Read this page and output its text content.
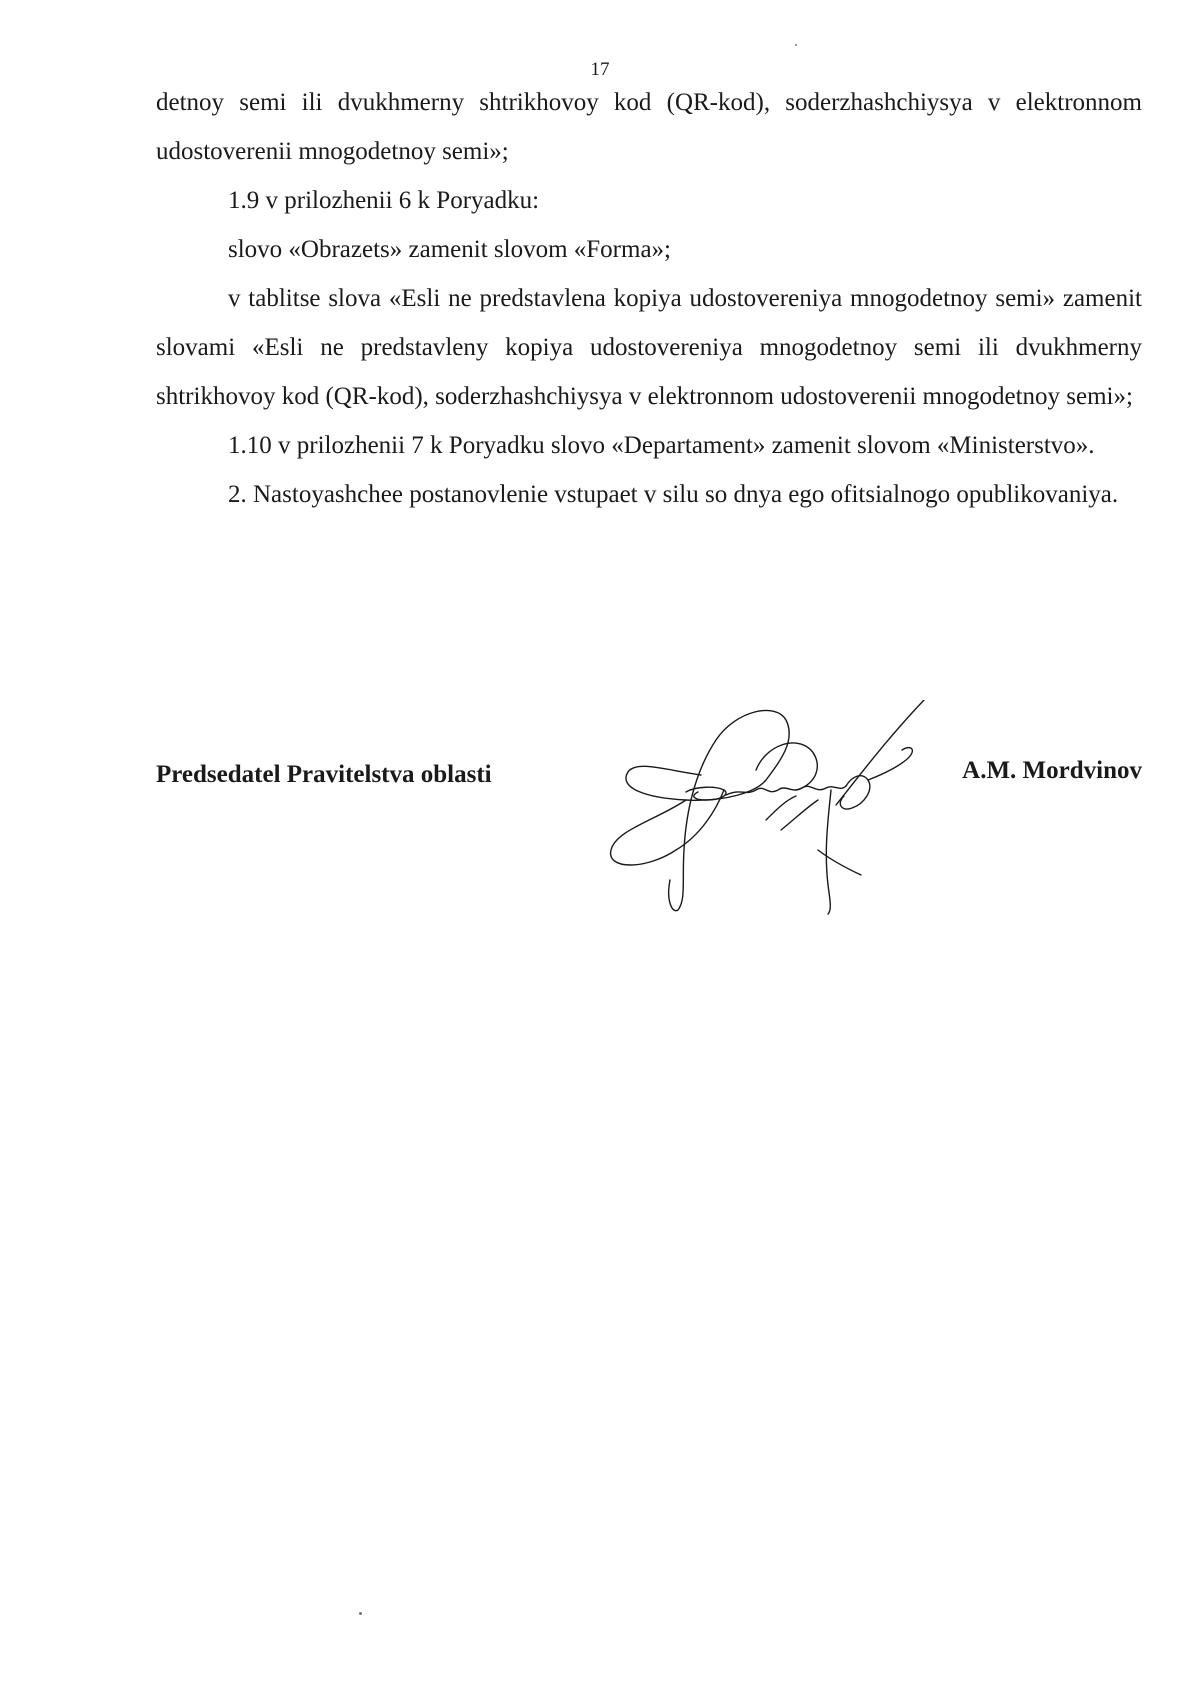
17

detnoy semi ili dvukhmerny shtrikhovoy kod (QR-kod), soderzhashchiysya v elektronnom udostoverenii mnogodetnoy semi»;

1.9 v prilozhenii 6 k Poryadku:

slovo «Obrazets» zamenit slovom «Forma»;

v tablitse slova «Esli ne predstavlena kopiya udostovereniya mnogodetnoy semi» zamenit slovami «Esli ne predstavleny kopiya udostovereniya mnogodetnoy semi ili dvukhmerny shtrikhovoy kod (QR-kod), soderzhashchiysya v elektronnom udostoverenii mnogodetnoy semi»;

1.10 v prilozhenii 7 k Poryadku slovo «Departament» zamenit slovom «Ministerstvo».

2. Nastoyashchee postanovlenie vstupaet v silu so dnya ego ofitsialnogo opublikovaniya.

Predsedatel Pravitelstva oblasti	A.M. Mordvinov
